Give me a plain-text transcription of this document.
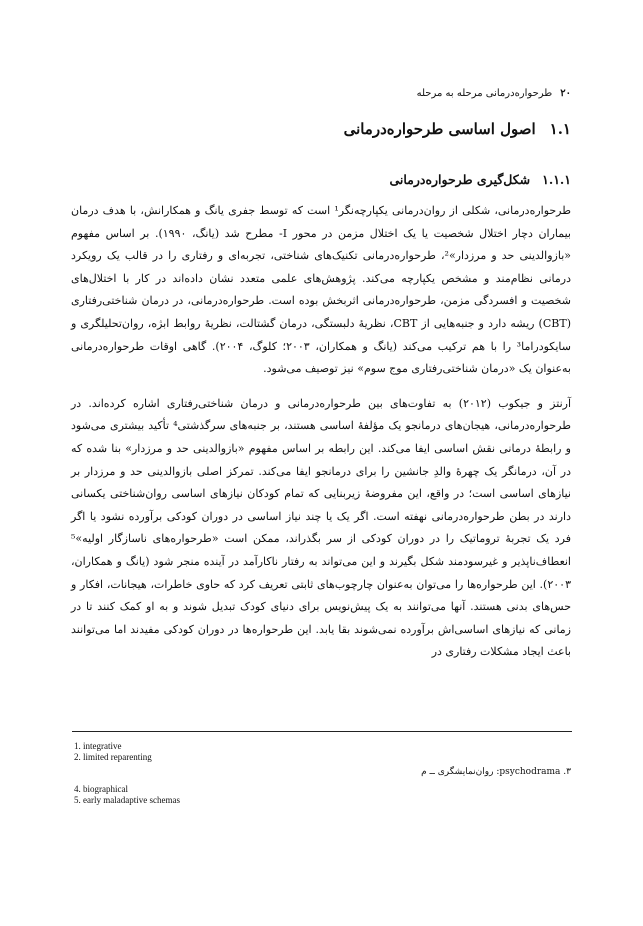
۲۰
طرحواره‌درمانی مرحله به مرحله
۱.۱
اصول اساسی طرحواره‌درمانی
۱.۱.۱
شکل‌گیری طرحواره‌درمانی

طرحواره‌درمانی، شکلی از روان‌درمانی یکپارچه‌نگر¹ است که توسط جفری یانگ و همکارانش، با هدف درمان بیماران دچار اختلال شخصیت یا یک اختلال مزمن در محور I- مطرح شد (یانگ، ۱۹۹۰). بر اساس مفهوم «بازوالدینی حد و مرزدار»²، طرحواره‌درمانی تکنیک‌های شناختی، تجربه‌ای و رفتاری را در قالب یک رویکرد درمانی نظام‌مند و مشخص یکپارچه می‌کند. پژوهش‌های علمی متعدد نشان داده‌اند در کار با اختلال‌های شخصیت و افسردگی مزمن، طرحواره‌درمانی اثربخش بوده است. طرحواره‌درمانی، در درمان شناختی‌رفتاری (CBT) ریشه دارد و جنبه‌هایی از CBT، نظریهٔ دلبستگی، درمان گشتالت، نظریهٔ روابط ابژه، روان‌تحلیلگری و سایکودراما³ را با هم ترکیب می‌کند (یانگ و همکاران، ۲۰۰۳؛ کلوگ، ۲۰۰۴). گاهی اوقات طرحواره‌درمانی به‌عنوان یک «درمان شناختی‌رفتاری موج سوم» نیز توصیف می‌شود.

آرنتز و جیکوب (۲۰۱۲) به تفاوت‌های بین طرحواره‌درمانی و درمان شناختی‌رفتاری اشاره کرده‌اند. در طرحواره‌درمانی، هیجان‌های درمانجو یک مؤلفهٔ اساسی هستند، بر جنبه‌های سرگذشتی⁴ تأکید بیشتری می‌شود و رابطهٔ درمانی نقش اساسی ایفا می‌کند. این رابطه بر اساس مفهوم «بازوالدینی حد و مرزدار» بنا شده که در آن، درمانگر یک چهرهٔ والدِ جانشین را برای درمانجو ایفا می‌کند. تمرکز اصلی بازوالدینی حد و مرزدار بر نیازهای اساسی است؛ در واقع، این مفروضهٔ زیربنایی که تمام کودکان نیازهای اساسی روان‌شناختی یکسانی دارند در بطن طرحواره‌درمانی نهفته است. اگر یک یا چند نیاز اساسی در دوران کودکی برآورده نشود یا اگر فرد یک تجربهٔ تروماتیک را در دوران کودکی از سر بگذراند، ممکن است «طرحواره‌های ناسازگار اولیه»⁵ انعطاف‌ناپذیر و غیرسودمند شکل بگیرند و این می‌تواند به رفتار ناکارآمد در آینده منجر شود (یانگ و همکاران، ۲۰۰۳). این طرحواره‌ها را می‌توان به‌عنوان چارچوب‌های ثابتی تعریف کرد که حاوی خاطرات، هیجانات، افکار و حس‌های بدنی هستند. آنها می‌توانند به یک پیش‌نویس برای دنیای کودک تبدیل شوند و به او کمک کنند تا در زمانی که نیازهای اساسی‌اش برآورده نمی‌شوند بقا یابد. این طرحواره‌ها در دوران کودکی مفیدند اما می‌توانند باعث ایجاد مشکلات رفتاری در

1. integrative
2. limited reparenting
۳. psychodrama: روان‌نمایشگری ــ م
4. biographical
5. early maladaptive schemas
